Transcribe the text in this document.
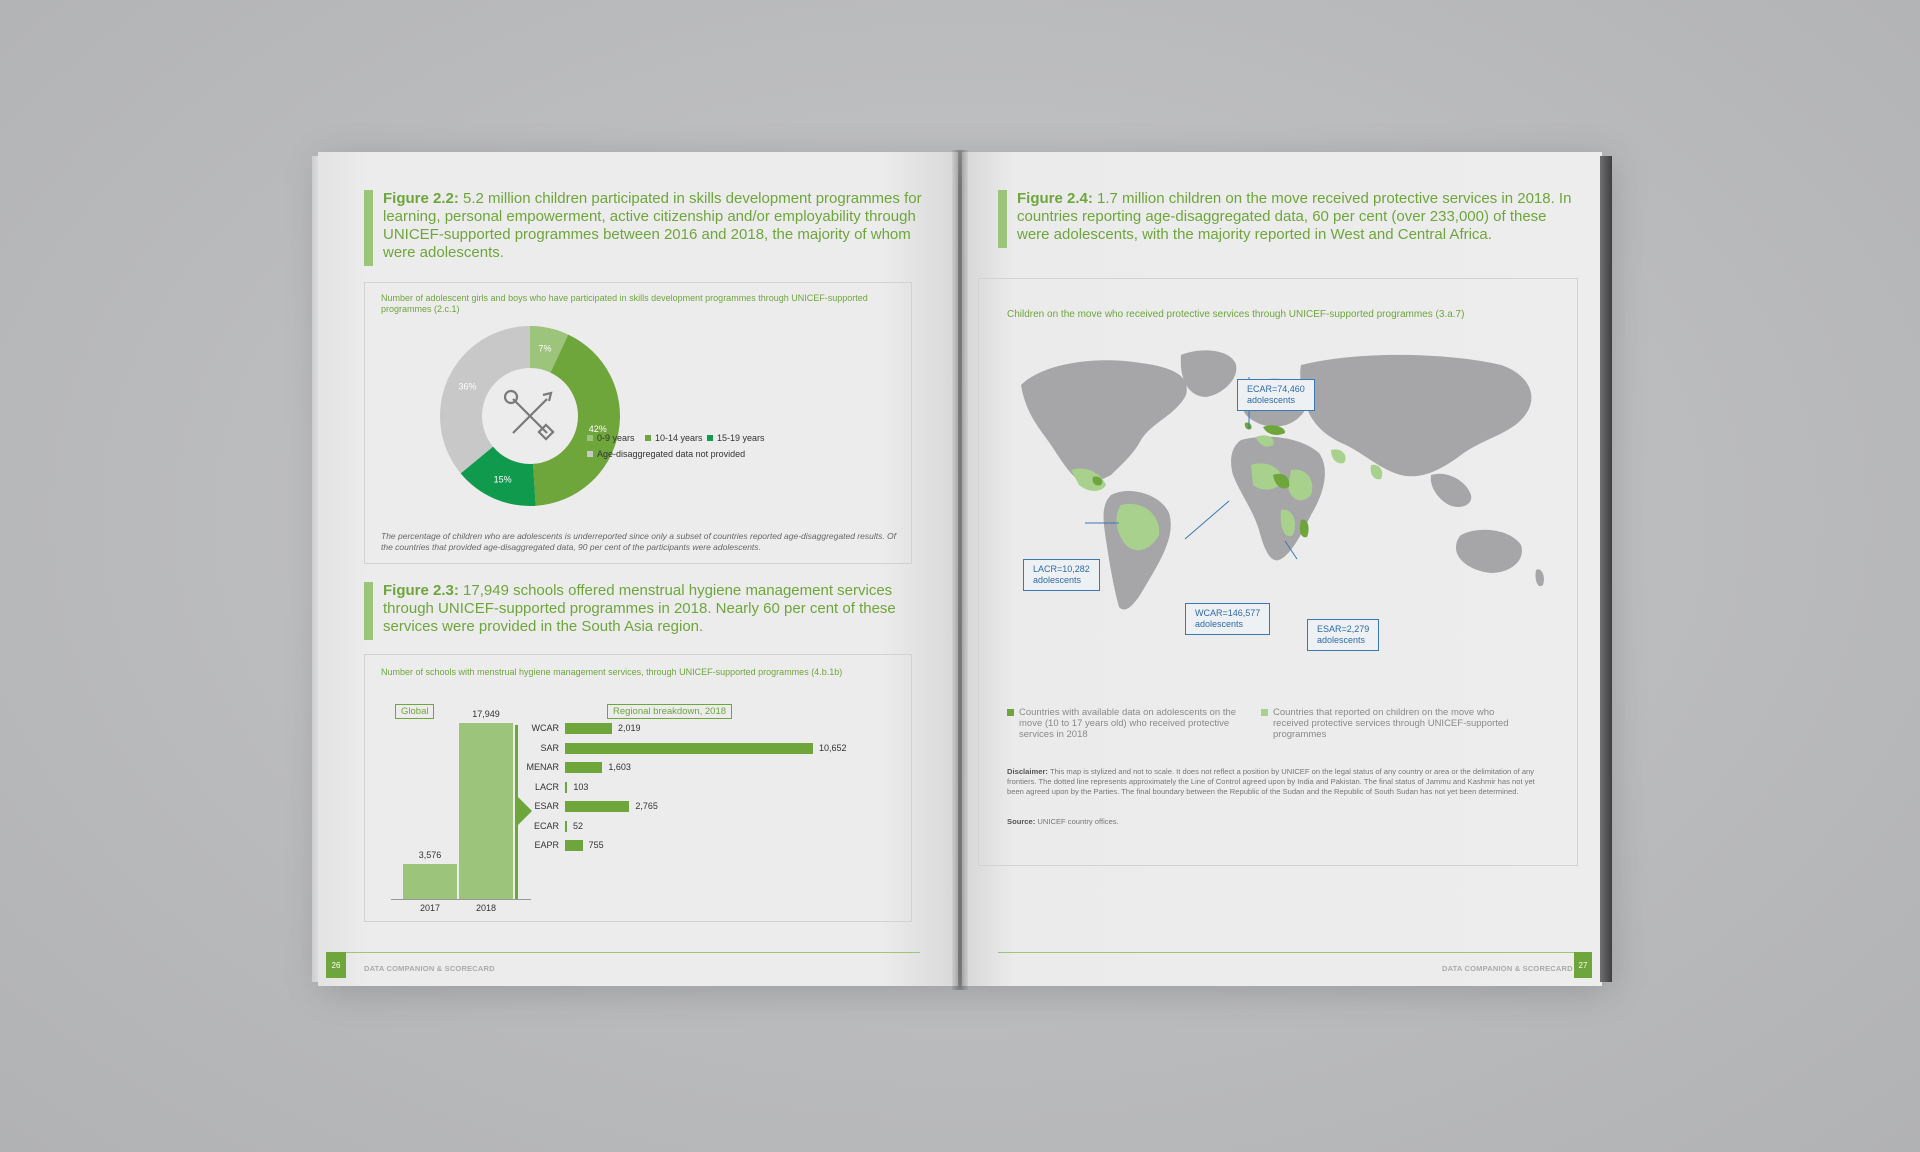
Figure 2.2: 5.2 million children participated in skills development programmes for learning, personal empowerment, active citizenship and/or employability through UNICEF-supported programmes between 2016 and 2018, the majority of whom were adolescents.
Number of adolescent girls and boys who have participated in skills development programmes through UNICEF-supported programmes (2.c.1)
7%
42%
15%
36%
0-9 years 10-14 years 15-19 years
Age-disaggregated data not provided
The percentage of children who are adolescents is underreported since only a subset of countries reported age-disaggregated results. Of the countries that provided age-disaggregated data, 90 per cent of the participants were adolescents.
Figure 2.3: 17,949 schools offered menstrual hygiene management services through UNICEF-supported programmes in 2018. Nearly 60 per cent of these services were provided in the South Asia region.
Number of schools with menstrual hygiene management services, through UNICEF-supported programmes (4.b.1b)
Global	Regional breakdown, 2018
3,576
2017
17,949
2018
WCAR	2,019
SAR	10,652
MENAR	1,603
LACR 103
ESAR	2,765
ECAR 52
EAPR	755
26	DATA COMPANION & SCORECARD
Figure 2.4: 1.7 million children on the move received protective services in 2018. In countries reporting age-disaggregated data, 60 per cent (over 233,000) of these were adolescents, with the majority reported in West and Central Africa.
Children on the move who received protective services through UNICEF-supported programmes (3.a.7)
ECAR=74,460
adolescents
LACR=10,282
adolescents
WCAR=146,577
adolescents	ESAR=2,279
adolescents
Countries with available data on adolescents on the move (10 to 17 years old) who received protective services in 2018
Countries that reported on children on the move who received protective services through UNICEF-supported programmes
Disclaimer: This map is stylized and not to scale. It does not reflect a position by UNICEF on the legal status of any country or area or the delimitation of any frontiers. The dotted line represents approximately the Line of Control agreed upon by India and Pakistan. The final status of Jammu and Kashmir has not yet been agreed upon by the Parties. The final boundary between the Republic of the Sudan and the Republic of South Sudan has not yet been determined.
Source: UNICEF country offices.
DATA COMPANION & SCORECARD 27
